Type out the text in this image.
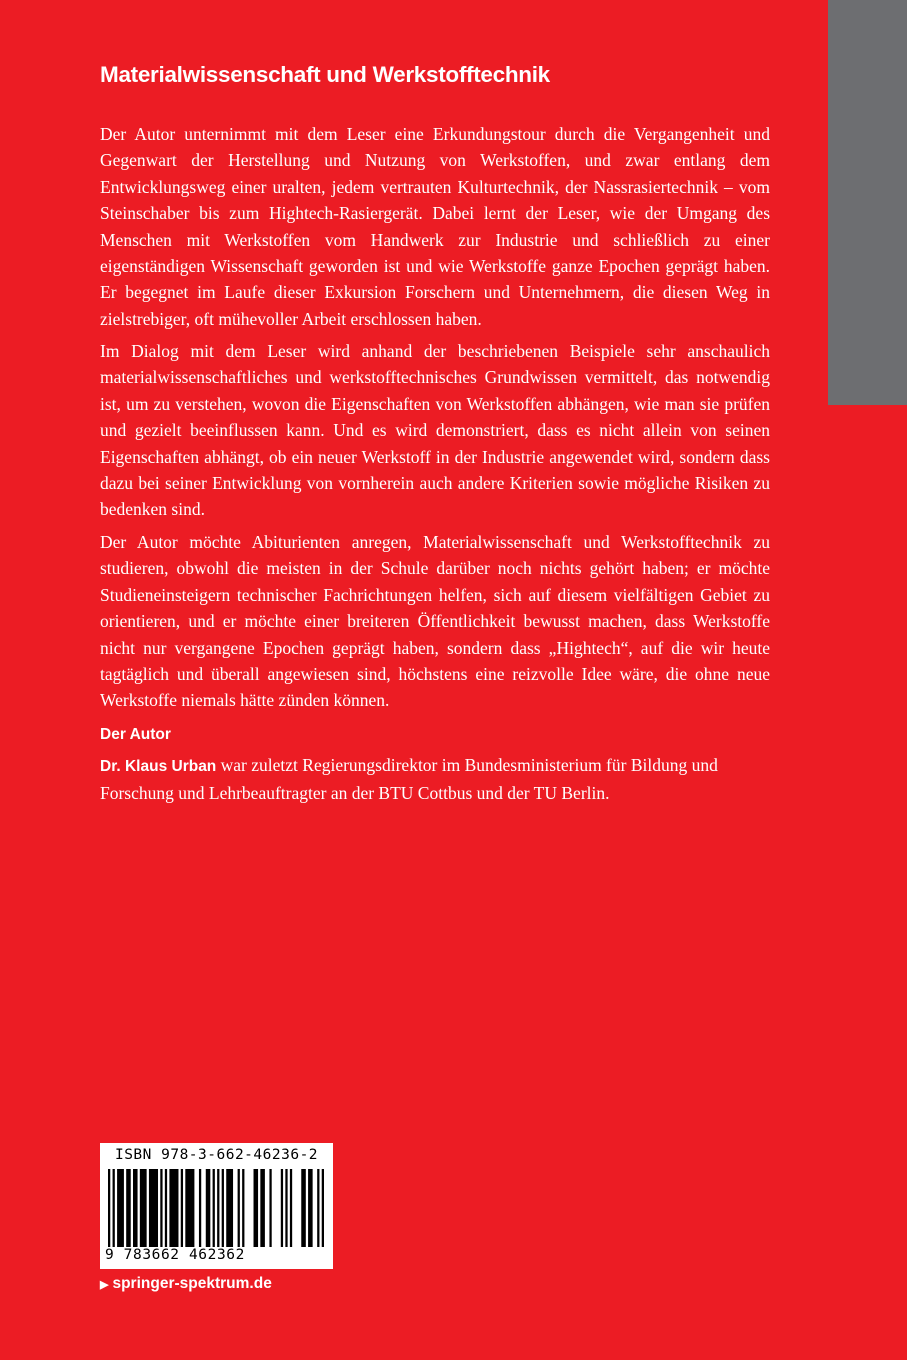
Materialwissenschaft und Werkstofftechnik
Der Autor unternimmt mit dem Leser eine Erkundungstour durch die Vergangenheit und Gegenwart der Herstellung und Nutzung von Werkstoffen, und zwar entlang dem Entwicklungsweg einer uralten, jedem vertrauten Kulturtechnik, der Nassrasiertechnik – vom Steinschaber bis zum Hightech-Rasiergerät. Dabei lernt der Leser, wie der Umgang des Menschen mit Werkstoffen vom Handwerk zur Industrie und schließlich zu einer eigenständigen Wissenschaft geworden ist und wie Werkstoffe ganze Epochen geprägt haben. Er begegnet im Laufe dieser Exkursion Forschern und Unternehmern, die diesen Weg in zielstrebiger, oft mühevoller Arbeit erschlossen haben.
Im Dialog mit dem Leser wird anhand der beschriebenen Beispiele sehr anschaulich materialwissenschaftliches und werkstofftechnisches Grundwissen vermittelt, das notwendig ist, um zu verstehen, wovon die Eigenschaften von Werkstoffen abhängen, wie man sie prüfen und gezielt beeinflussen kann. Und es wird demonstriert, dass es nicht allein von seinen Eigenschaften abhängt, ob ein neuer Werkstoff in der Industrie angewendet wird, sondern dass dazu bei seiner Entwicklung von vornherein auch andere Kriterien sowie mögliche Risiken zu bedenken sind.
Der Autor möchte Abiturienten anregen, Materialwissenschaft und Werkstofftechnik zu studieren, obwohl die meisten in der Schule darüber noch nichts gehört haben; er möchte Studieneinsteigern technischer Fachrichtungen helfen, sich auf diesem vielfältigen Gebiet zu orientieren, und er möchte einer breiteren Öffentlichkeit bewusst machen, dass Werkstoffe nicht nur vergangene Epochen geprägt haben, sondern dass „Hightech“, auf die wir heute tagtäglich und überall angewiesen sind, höchstens eine reizvolle Idee wäre, die ohne neue Werkstoffe niemals hätte zünden können.
Der Autor
Dr. Klaus Urban war zuletzt Regierungsdirektor im Bundesministerium für Bildung und Forschung und Lehrbeauftragter an der BTU Cottbus und der TU Berlin.
ISBN 978-3-662-46236-2
9 783662 462362
▶ springer-spektrum.de
